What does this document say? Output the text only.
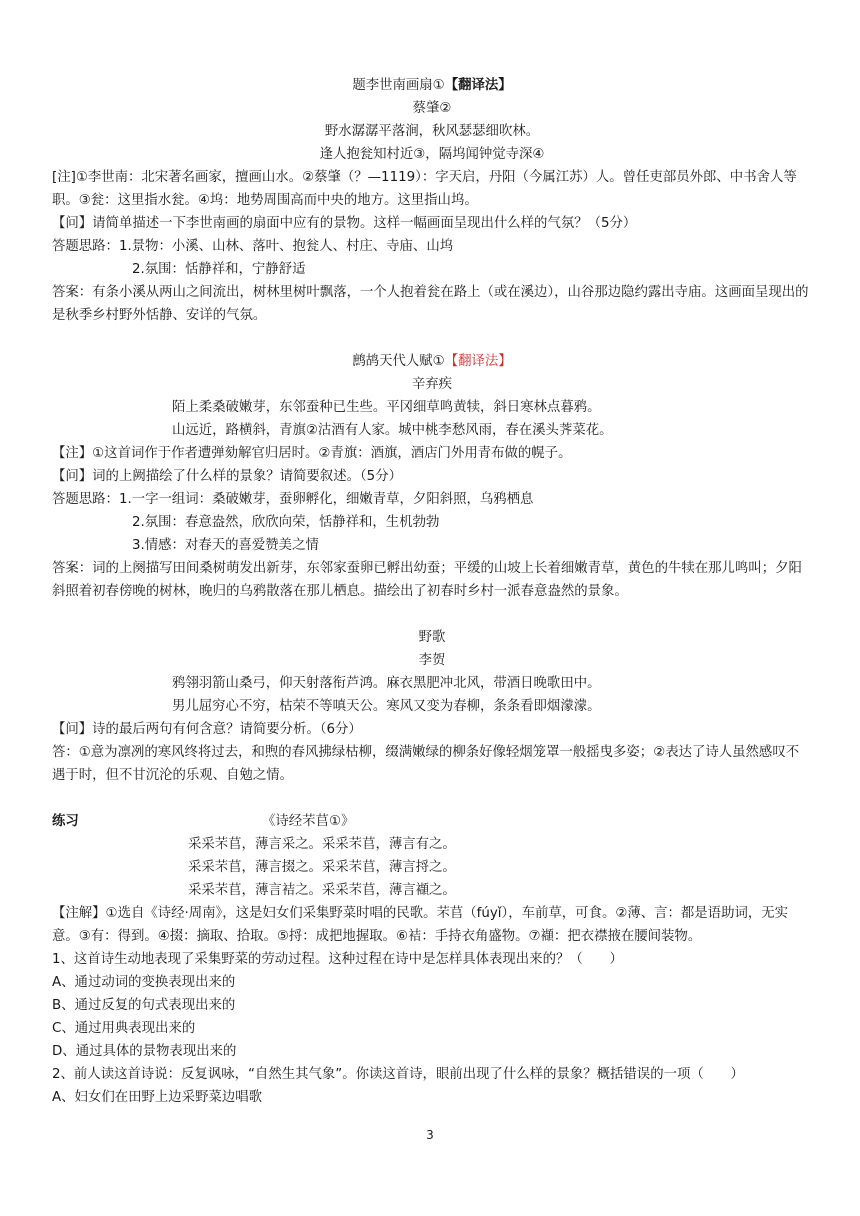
题李世南画扇①【翻译法】
蔡肇②
野水潺潺平落涧，秋风瑟瑟细吹林。
逢人抱瓮知村近③，隔坞闻钟觉寺深④
[注]①李世南：北宋著名画家，擅画山水。②蔡肇（？—1119）：字天启，丹阳（今属江苏）人。曾任吏部员外郎、中书舍人等职。③瓮：这里指水瓮。④坞：地势周围高而中央的地方。这里指山坞。
【问】请简单描述一下李世南画的扇面中应有的景物。这样一幅画面呈现出什么样的气氛？（5分）
答题思路：1.景物：小溪、山林、落叶、抱瓮人、村庄、寺庙、山坞
2.氛围：恬静祥和，宁静舒适
答案：有条小溪从两山之间流出，树林里树叶飘落，一个人抱着瓮在路上（或在溪边），山谷那边隐约露出寺庙。这画面呈现出的是秋季乡村野外恬静、安详的气氛。
鹧鸪天代人赋①【翻译法】
辛弃疾
陌上柔桑破嫩芽，东邻蚕种已生些。平冈细草鸣黄犊，斜日寒林点暮鸦。
山远近，路横斜，青旗②沽酒有人家。城中桃李愁风雨，春在溪头荠菜花。
【注】①这首词作于作者遭弹劾解官归居时。②青旗：酒旗，酒店门外用青布做的幌子。
【问】词的上阙描绘了什么样的景象？请简要叙述。（5分）
答题思路：1.一字一组词：桑破嫩芽，蚕卵孵化，细嫩青草，夕阳斜照，乌鸦栖息
2.氛围：春意盎然，欣欣向荣，恬静祥和，生机勃勃
3.情感：对春天的喜爱赞美之情
答案：词的上阕描写田间桑树萌发出新芽，东邻家蚕卵已孵出幼蚕；平缓的山坡上长着细嫩青草，黄色的牛犊在那儿鸣叫；夕阳斜照着初春傍晚的树林，晚归的乌鸦散落在那儿栖息。描绘出了初春时乡村一派春意盎然的景象。
野歌
李贺
鸦翎羽箭山桑弓，仰天射落衔芦鸿。麻衣黑肥冲北风，带酒日晚歌田中。
男儿屈穷心不穷，枯荣不等嗔天公。寒风又变为春柳，条条看即烟濛濛。
【问】诗的最后两句有何含意？请简要分析。（6分）
答：①意为凛冽的寒风终将过去，和煦的春风拂绿枯柳，缀满嫩绿的柳条好像轻烟笼罩一般摇曳多姿；②表达了诗人虽然感叹不遇于时，但不甘沉沦的乐观、自勉之情。
练习	《诗经芣苢①》
采采芣苢，薄言采之。采采芣苢，薄言有之。
采采芣苢，薄言掇之。采采芣苢，薄言捋之。
采采芣苢，薄言袺之。采采芣苢，薄言襭之。
【注解】①选自《诗经·周南》，这是妇女们采集野菜时唱的民歌。芣苢（fúyǐ），车前草，可食。②薄、言：都是语助词，无实意。③有：得到。④掇：摘取、拾取。⑤捋：成把地握取。⑥袺：手持衣角盛物。⑦襭：把衣襟掖在腰间装物。
1、这首诗生动地表现了采集野菜的劳动过程。这种过程在诗中是怎样具体表现出来的？（　　）
A、通过动词的变换表现出来的
B、通过反复的句式表现出来的
C、通过用典表现出来的
D、通过具体的景物表现出来的
2、前人读这首诗说：反复讽咏，“自然生其气象”。你读这首诗，眼前出现了什么样的景象？概括错误的一项（　　）
A、妇女们在田野上边采野菜边唱歌
3
